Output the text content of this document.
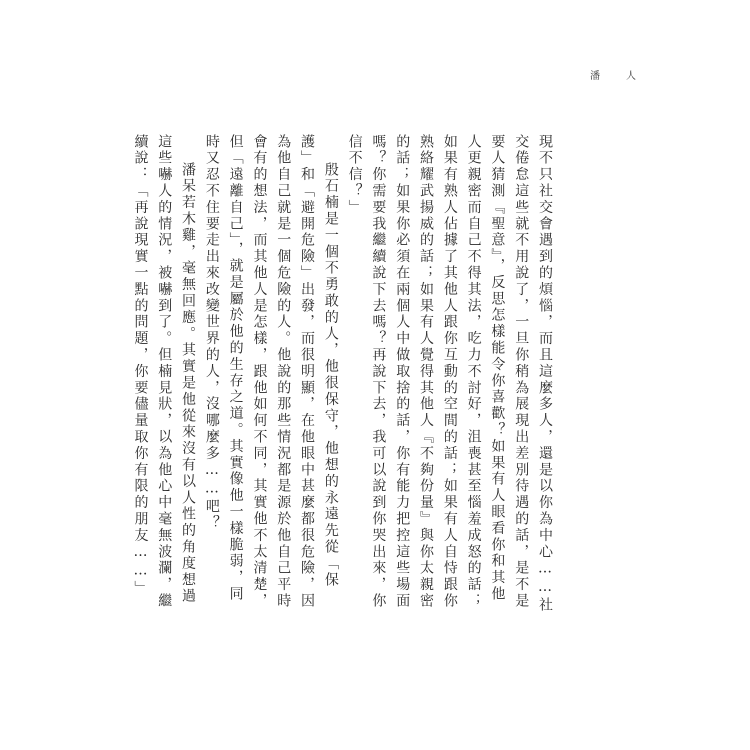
潘　人

現不只社交會遇到的煩惱，而且這麼多人，還是以你為中心……社交倦怠這些就不用說了，一旦你稍為展現出差別待遇的話，是不是要人猜測『聖意』，反思怎樣能令你喜歡？如果有人眼看你和其他人更親密而自己不得其法，吃力不討好，沮喪甚至惱羞成怒的話；如果有熟人佔據了其他人跟你互動的空間的話；如果有人自恃跟你熟絡耀武揚威的話；如果有人覺得其他人『不夠份量』與你太親密的話；如果你必須在兩個人中做取捨的話，你有能力把控這些場面嗎？你需要我繼續說下去嗎？再說下去，我可以說到你哭出來，你信不信？」

殷石楠是一個不勇敢的人，他很保守，他想的永遠先從「保護」和「避開危險」出發，而很明顯，在他眼中甚麼都很危險，因為他自己就是一個危險的人。他說的那些情況都是源於他自己平時會有的想法，而其他人是怎樣，跟他如何不同，其實他不太清楚，但「遠離自己」，就是屬於他的生存之道。其實像他一樣脆弱，同時又忍不住要走出來改變世界的人，沒哪麼多……吧？

潘呆若木雞，毫無回應。其實是他從來沒有以人性的角度想過這些嚇人的情況，被嚇到了。但楠見狀，以為他心中毫無波瀾，繼續說：「再說現實一點的問題，你要儘量取你有限的朋友……」
